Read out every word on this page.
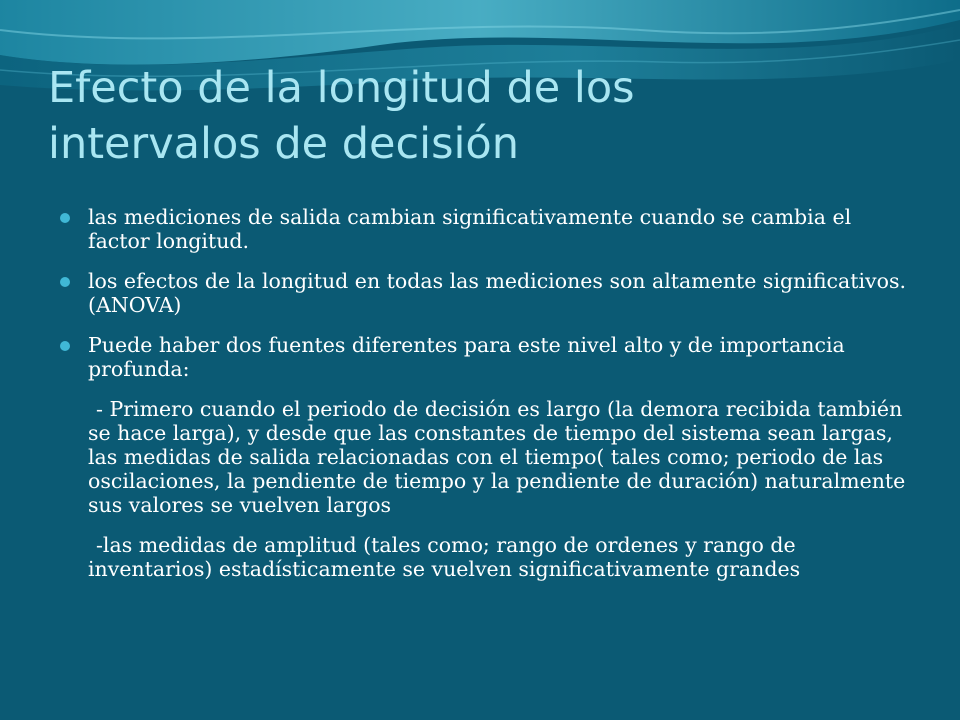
Efecto de la longitud de los
intervalos de decisión
las mediciones de salida cambian significativamente cuando se cambia el factor longitud.
los efectos de la longitud en todas las mediciones son altamente significativos.(ANOVA)
Puede haber dos fuentes diferentes para este nivel alto y de importancia profunda:
- Primero cuando el periodo de decisión es largo (la demora recibida también se hace larga), y desde que las constantes de tiempo del sistema sean largas, las medidas de salida relacionadas con el tiempo( tales como; periodo de las oscilaciones, la pendiente de tiempo y la pendiente de duración) naturalmente sus valores se vuelven largos
-las medidas de amplitud (tales como; rango de ordenes y rango de inventarios) estadísticamente se vuelven significativamente grandes
